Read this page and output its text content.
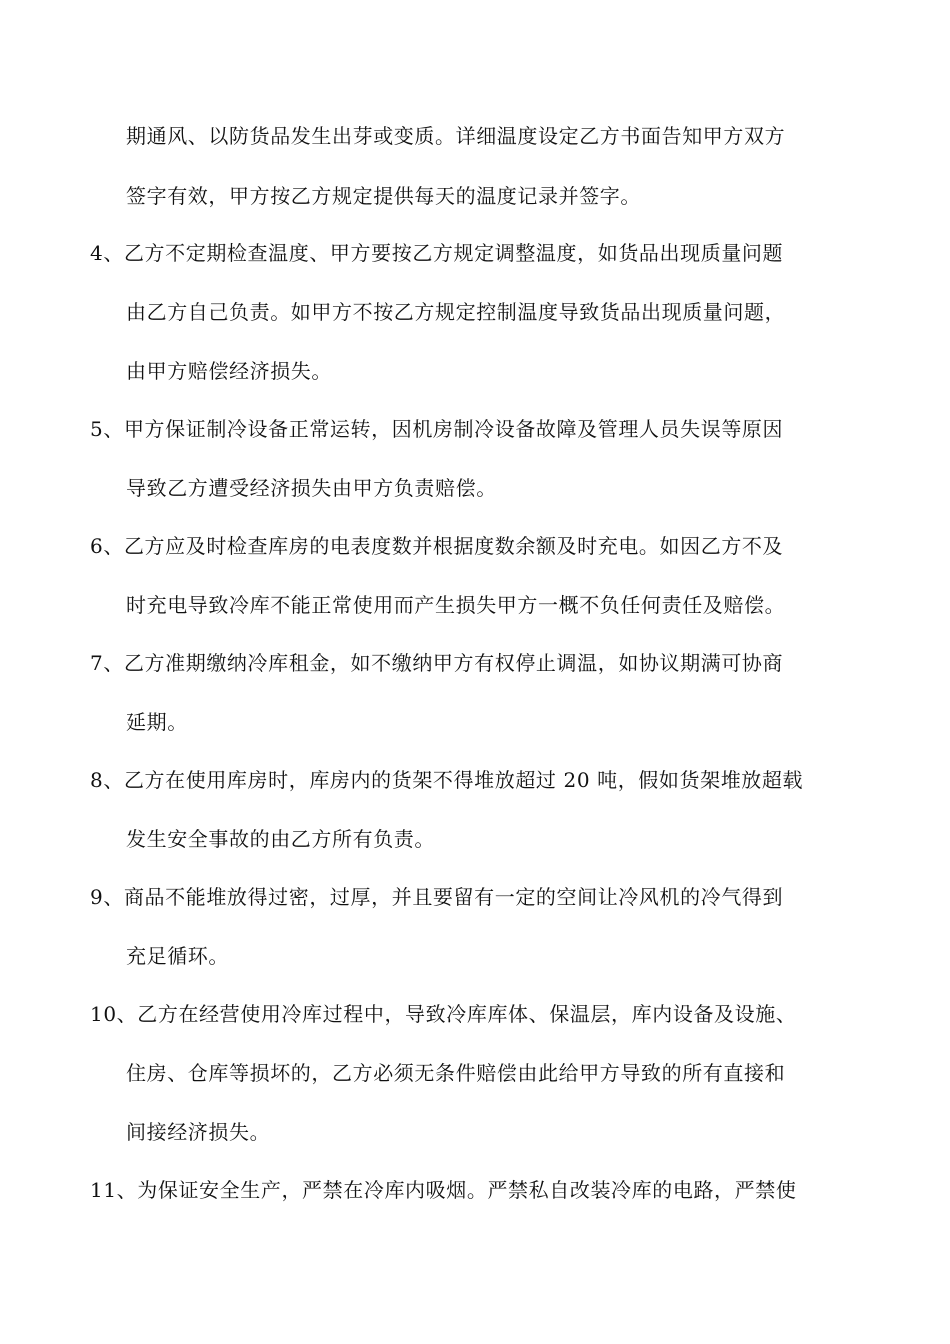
期通风、以防货品发生出芽或变质。详细温度设定乙方书面告知甲方双方
签字有效，甲方按乙方规定提供每天的温度记录并签字。
4、乙方不定期检查温度、甲方要按乙方规定调整温度，如货品出现质量问题
由乙方自己负责。如甲方不按乙方规定控制温度导致货品出现质量问题，
由甲方赔偿经济损失。
5、甲方保证制冷设备正常运转，因机房制冷设备故障及管理人员失误等原因
导致乙方遭受经济损失由甲方负责赔偿。
6、乙方应及时检查库房的电表度数并根据度数余额及时充电。如因乙方不及
时充电导致冷库不能正常使用而产生损失甲方一概不负任何责任及赔偿。
7、乙方准期缴纳冷库租金，如不缴纳甲方有权停止调温，如协议期满可协商
延期。
8、乙方在使用库房时，库房内的货架不得堆放超过 20 吨，假如货架堆放超载
发生安全事故的由乙方所有负责。
9、商品不能堆放得过密，过厚，并且要留有一定的空间让冷风机的冷气得到
充足循环。
10、乙方在经营使用冷库过程中，导致冷库库体、保温层，库内设备及设施、
住房、仓库等损坏的，乙方必须无条件赔偿由此给甲方导致的所有直接和
间接经济损失。
11、为保证安全生产，严禁在冷库内吸烟。严禁私自改装冷库的电路，严禁使
